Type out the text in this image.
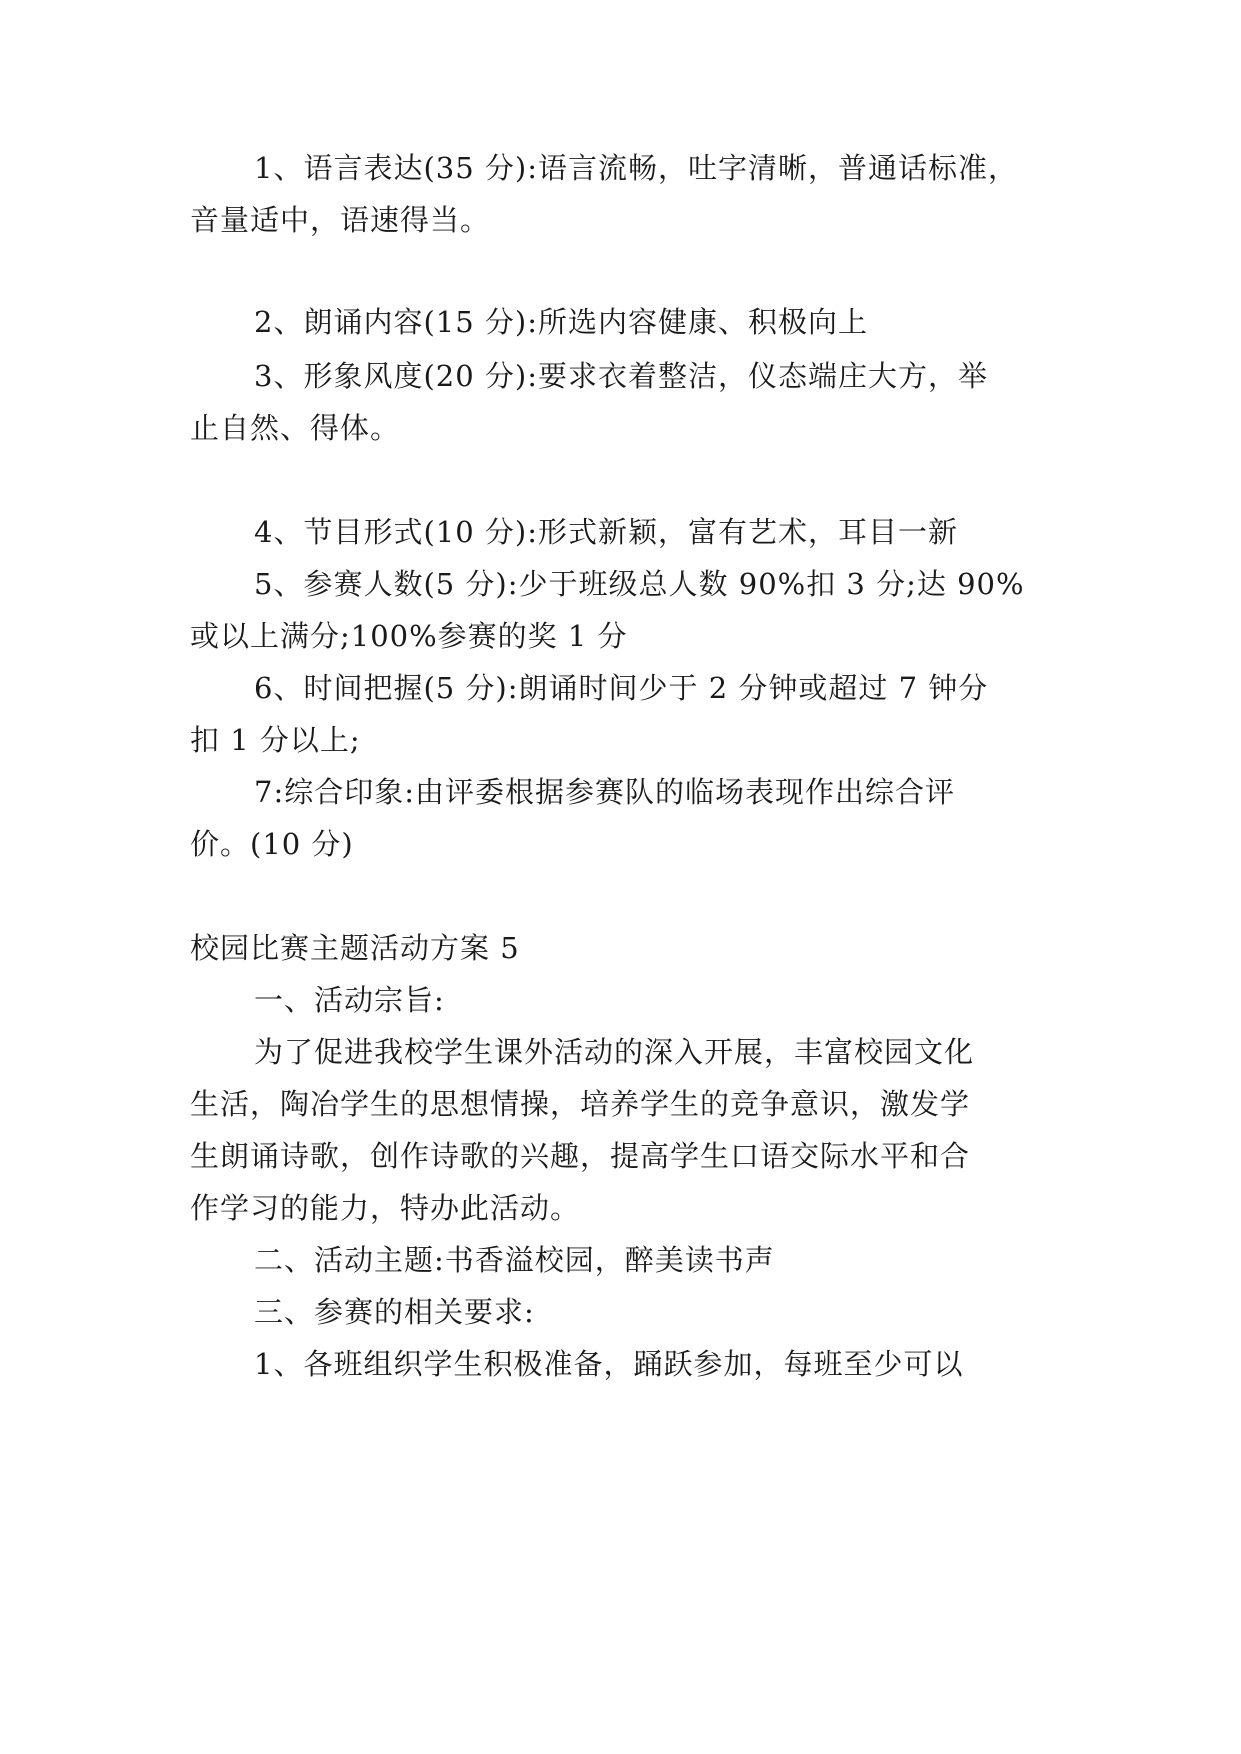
1、语言表达(35 分):语言流畅，吐字清晰，普通话标准，
音量适中，语速得当。
2、朗诵内容(15 分):所选内容健康、积极向上
3、形象风度(20 分):要求衣着整洁，仪态端庄大方，举
止自然、得体。
4、节目形式(10 分):形式新颖，富有艺术，耳目一新
5、参赛人数(5 分):少于班级总人数 90%扣 3 分;达 90%
或以上满分;100%参赛的奖 1 分
6、时间把握(5 分):朗诵时间少于 2 分钟或超过 7 钟分
扣 1 分以上;
7:综合印象:由评委根据参赛队的临场表现作出综合评
价。(10 分)
校园比赛主题活动方案 5
一、活动宗旨:
为了促进我校学生课外活动的深入开展，丰富校园文化
生活，陶冶学生的思想情操，培养学生的竞争意识，激发学
生朗诵诗歌，创作诗歌的兴趣，提高学生口语交际水平和合
作学习的能力，特办此活动。
二、活动主题:书香溢校园，醉美读书声
三、参赛的相关要求:
1、各班组织学生积极准备，踊跃参加，每班至少可以
